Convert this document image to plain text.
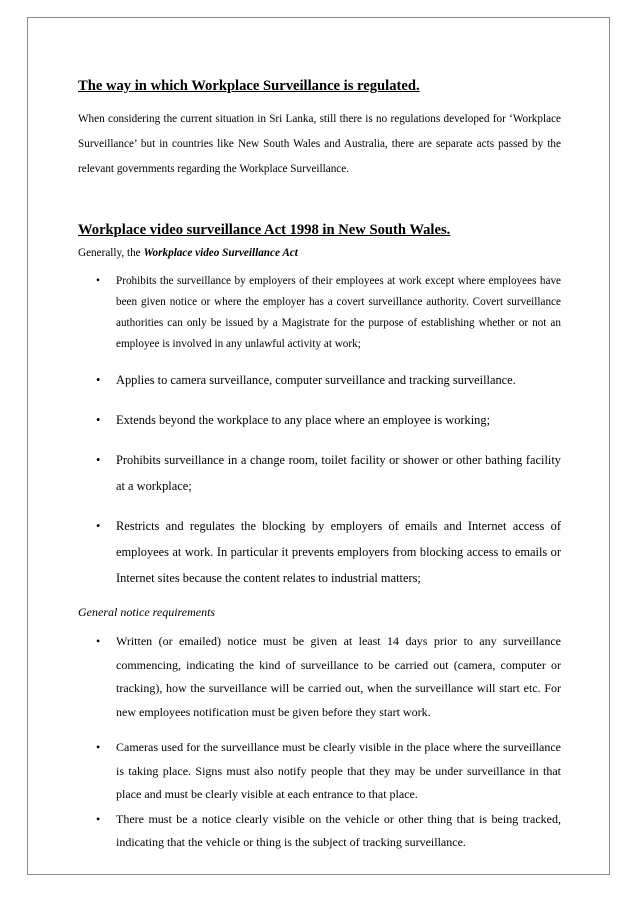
The way in which Workplace Surveillance is regulated.

When considering the current situation in Sri Lanka, still there is no regulations developed for ‘Workplace Surveillance’ but in countries like New South Wales and Australia, there are separate acts passed by the relevant governments regarding the Workplace Surveillance.

Workplace video surveillance Act 1998 in New South Wales.

Generally, the Workplace video Surveillance Act

• Prohibits the surveillance by employers of their employees at work except where employees have been given notice or where the employer has a covert surveillance authority. Covert surveillance authorities can only be issued by a Magistrate for the purpose of establishing whether or not an employee is involved in any unlawful activity at work;
• Applies to camera surveillance, computer surveillance and tracking surveillance.
• Extends beyond the workplace to any place where an employee is working;
• Prohibits surveillance in a change room, toilet facility or shower or other bathing facility at a workplace;
• Restricts and regulates the blocking by employers of emails and Internet access of employees at work. In particular it prevents employers from blocking access to emails or Internet sites because the content relates to industrial matters;

General notice requirements

• Written (or emailed) notice must be given at least 14 days prior to any surveillance commencing, indicating the kind of surveillance to be carried out (camera, computer or tracking), how the surveillance will be carried out, when the surveillance will start etc. For new employees notification must be given before they start work.
• Cameras used for the surveillance must be clearly visible in the place where the surveillance is taking place. Signs must also notify people that they may be under surveillance in that place and must be clearly visible at each entrance to that place.
• There must be a notice clearly visible on the vehicle or other thing that is being tracked, indicating that the vehicle or thing is the subject of tracking surveillance.
